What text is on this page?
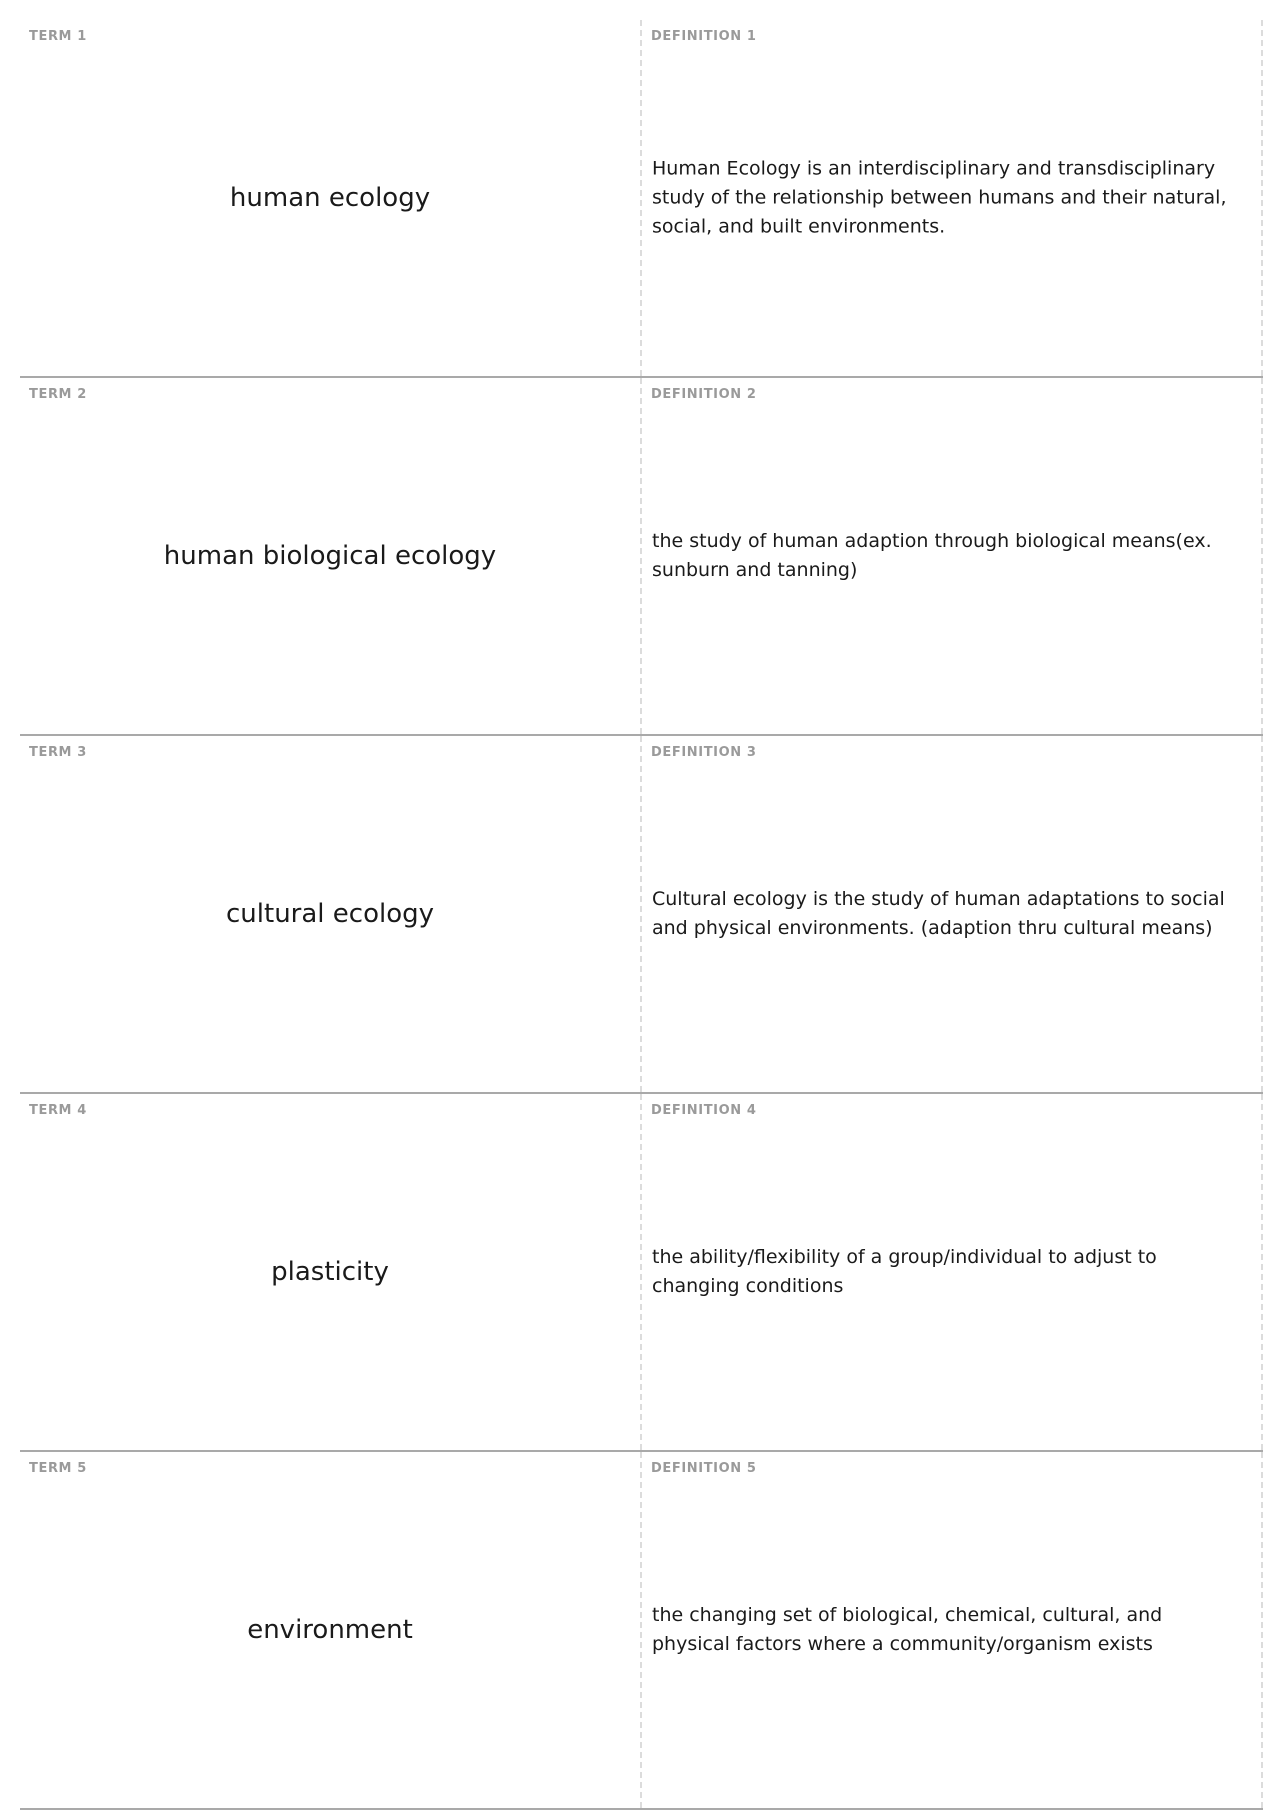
TERM 1
human ecology
DEFINITION 1
Human Ecology is an interdisciplinary and transdisciplinary study of the relationship between humans and their natural, social, and built environments.
TERM 2
human biological ecology
DEFINITION 2
the study of human adaption through biological means(ex. sunburn and tanning)
TERM 3
cultural ecology
DEFINITION 3
Cultural ecology is the study of human adaptations to social and physical environments. (adaption thru cultural means)
TERM 4
plasticity
DEFINITION 4
the ability/flexibility of a group/individual to adjust to changing conditions
TERM 5
environment
DEFINITION 5
the changing set of biological, chemical, cultural, and physical factors where a community/organism exists
